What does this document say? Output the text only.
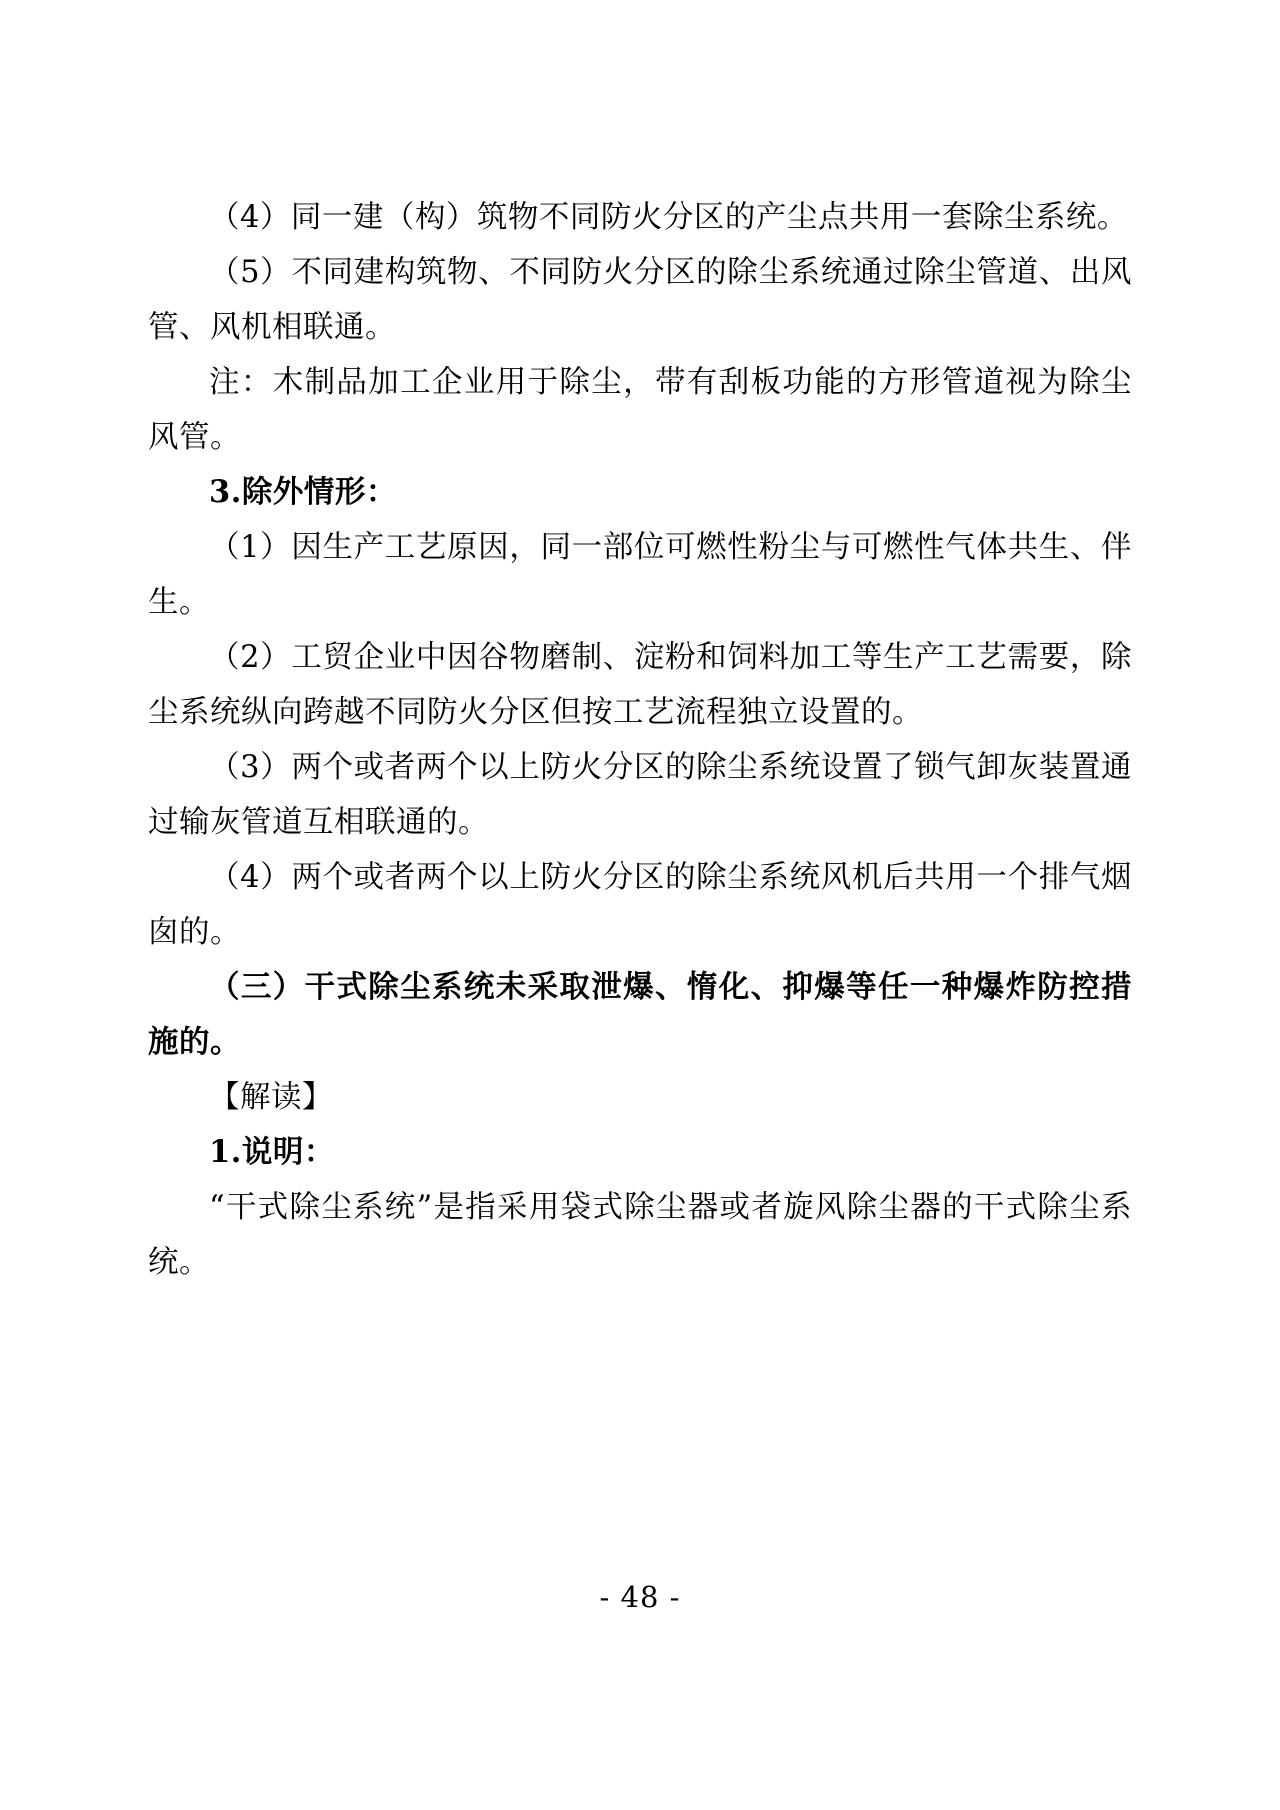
（4）同一建（构）筑物不同防火分区的产尘点共用一套除尘系统。

（5）不同建构筑物、不同防火分区的除尘系统通过除尘管道、出风管、风机相联通。

注：木制品加工企业用于除尘，带有刮板功能的方形管道视为除尘风管。

3.除外情形：

（1）因生产工艺原因，同一部位可燃性粉尘与可燃性气体共生、伴生。

（2）工贸企业中因谷物磨制、淀粉和饲料加工等生产工艺需要，除尘系统纵向跨越不同防火分区但按工艺流程独立设置的。

（3）两个或者两个以上防火分区的除尘系统设置了锁气卸灰装置通过输灰管道互相联通的。

（4）两个或者两个以上防火分区的除尘系统风机后共用一个排气烟囱的。

（三）干式除尘系统未采取泄爆、惰化、抑爆等任一种爆炸防控措施的。

【解读】

1.说明：

“干式除尘系统”是指采用袋式除尘器或者旋风除尘器的干式除尘系统。

- 48 -
